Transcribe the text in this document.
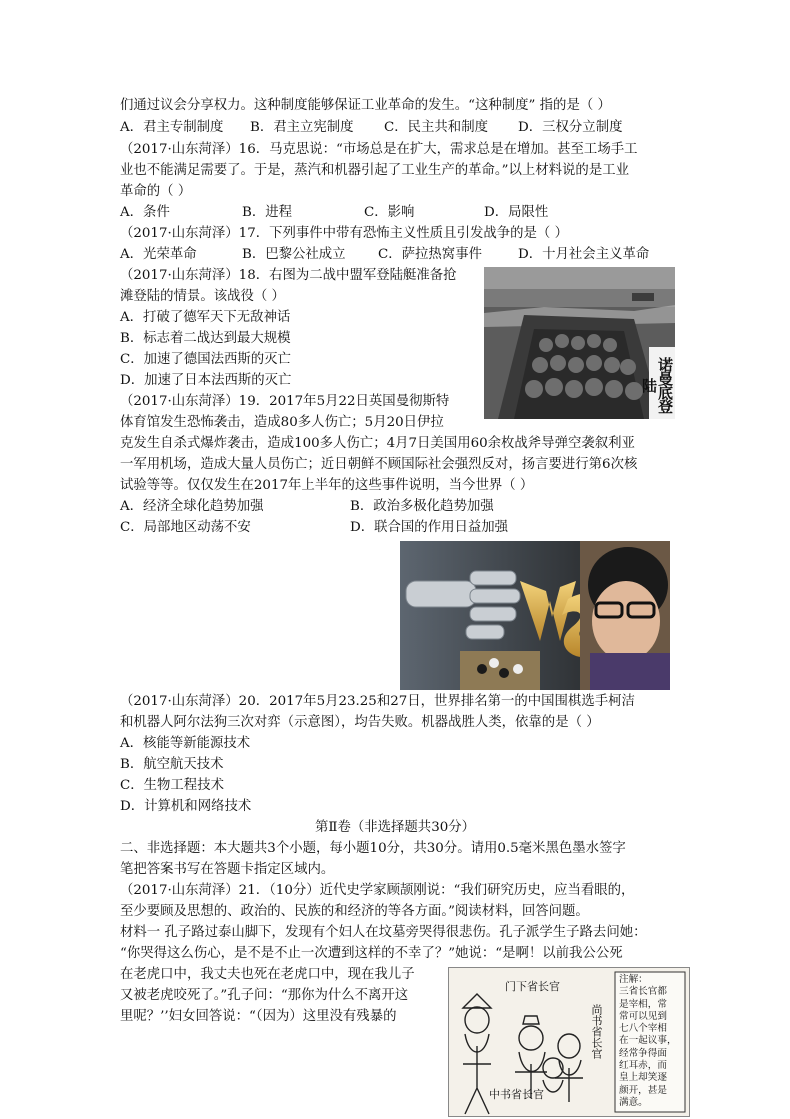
们通过议会分享权力。这种制度能够保证工业革命的发生。“这种制度” 指的是（ ）
A．君主专制制度 B．君主立宪制度 C．民主共和制度 D．三权分立制度
（2017·山东菏泽）16．马克思说：“市场总是在扩大，需求总是在增加。甚至工场手工
业也不能满足需要了。于是，蒸汽和机器引起了工业生产的革命。”以上材料说的是工业
革命的（ ）
A．条件	B．进程	C．影响	D．局限性
（2017·山东菏泽）17．下列事件中带有恐怖主义性质且引发战争的是（ ）
A．光荣革命	B．巴黎公社成立 C．萨拉热窝事件	D．十月社会主义革命
（2017·山东菏泽）18．右图为二战中盟军登陆艇准备抢
滩登陆的情景。该战役（ ）
A．打破了德军天下无敌神话
B．标志着二战达到最大规模
C．加速了德国法西斯的灭亡
D．加速了日本法西斯的灭亡	诺曼底登陆
（2017·山东菏泽）19．2017年5月22日英国曼彻斯特
体育馆发生恐怖袭击，造成80多人伤亡；5月20日伊拉
克发生自杀式爆炸袭击，造成100多人伤亡；4月7日美国用60余枚战斧导弹空袭叙利亚
一军用机场，造成大量人员伤亡；近日朝鲜不顾国际社会强烈反对，扬言要进行第6次核
试验等等。仅仅发生在2017年上半年的这些事件说明，当今世界（ ）
A．经济全球化趋势加强	B．政治多极化趋势加强
C．局部地区动荡不安	D．联合国的作用日益加强
（2017·山东菏泽）20．2017年5月23.25和27日，世界排名第一的中国围棋选手柯洁
和机器人阿尔法狗三次对弈（示意图），均告失败。机器战胜人类，依靠的是（ ）
A．核能等新能源技术
B．航空航天技术
C．生物工程技术
D．计算机和网络技术
第Ⅱ卷（非选择题共30分）
二、非选择题：本大题共3个小题，每小题10分，共30分。请用0.5毫米黑色墨水签字
笔把答案书写在答题卡指定区域内。
（2017·山东菏泽）21．（10分）近代史学家顾颉刚说：“我们研究历史，应当看眼的，
至少要顾及思想的、政治的、民族的和经济的等各方面。”阅读材料，回答问题。
材料一 孔子路过泰山脚下，发现有个妇人在坟墓旁哭得很悲伤。孔子派学生子路去问她：
“你哭得这么伤心，是不是不止一次遭到这样的不幸了？”她说：“是啊！以前我公公死
在老虎口中，我丈夫也死在老虎口中，现在我儿子
又被老虎咬死了。”孔子问：“那你为什么不离开这
里呢？’’妇女回答说：“（因为）这里没有残暴的
门下省长官
尚书省长官
中书省长官
注解：
三省长官都
是宰相，常
常可以见到
七八个宰相
在一起议事，
经常争得面
红耳赤，而
皇上却笑逐
颜开，甚是
满意。
